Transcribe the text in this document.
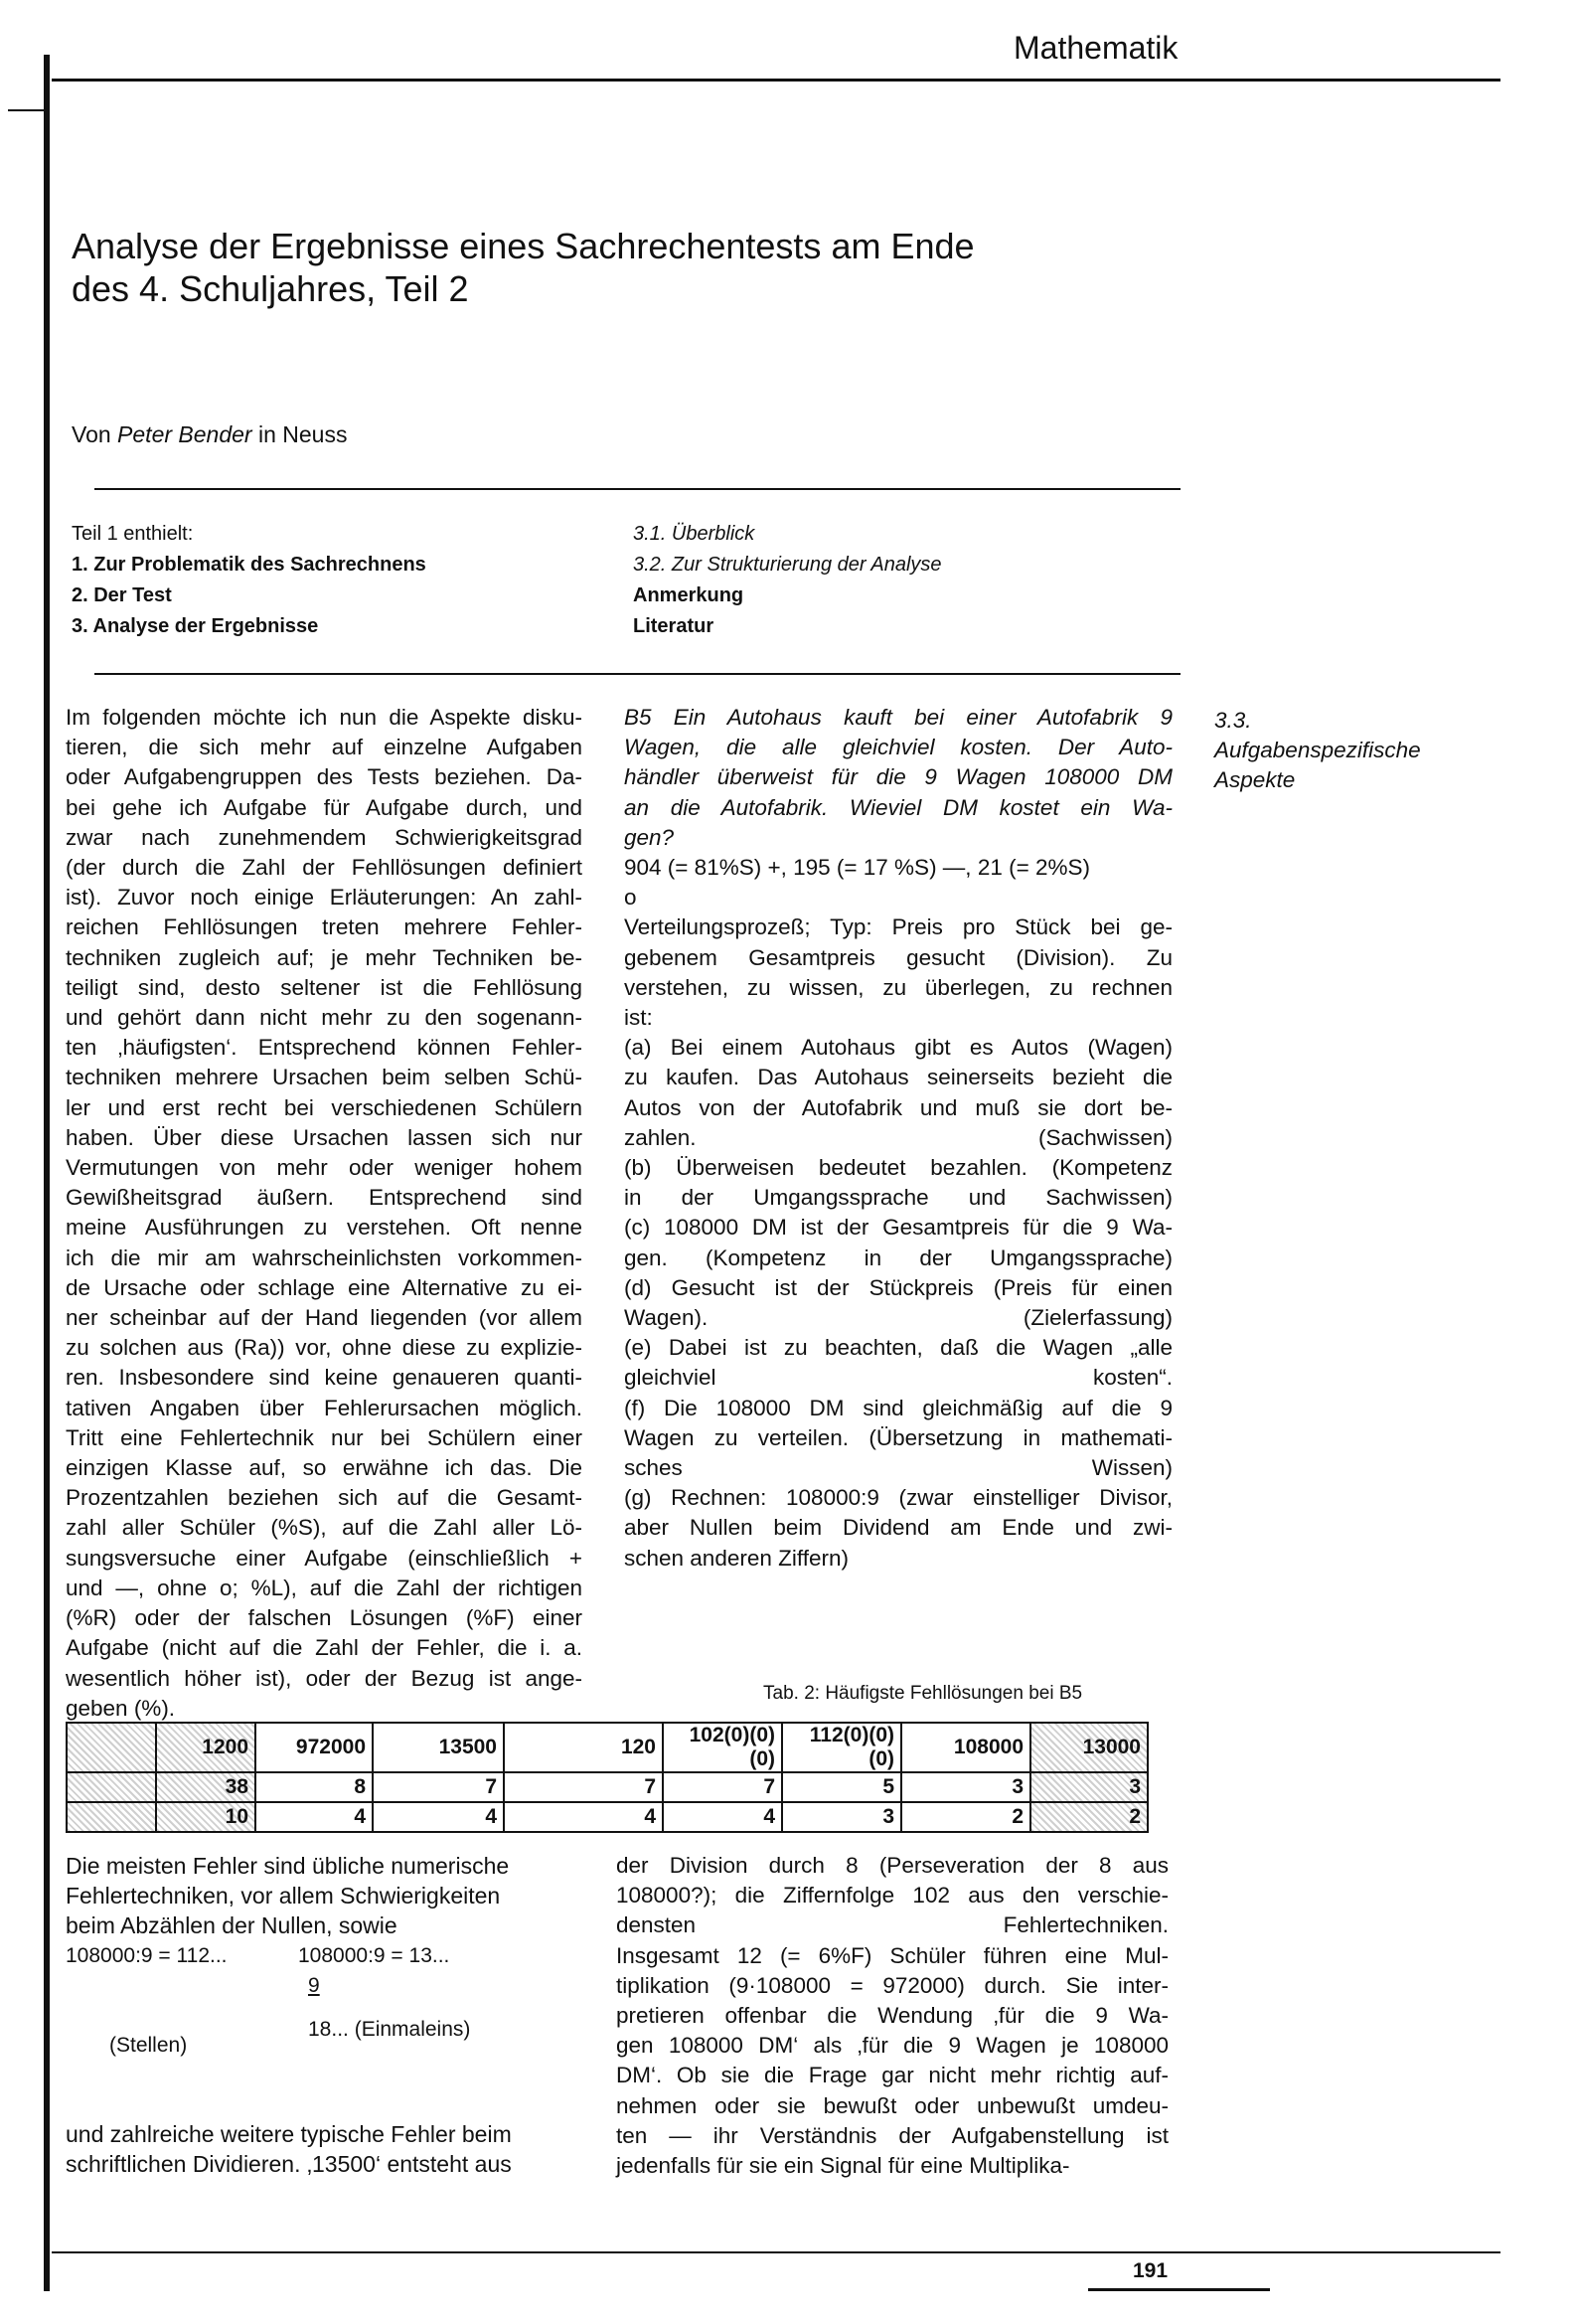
Mathematik
Analyse der Ergebnisse eines Sachrechentests am Ende
des 4. Schuljahres, Teil 2
Von Peter Bender in Neuss
Teil 1 enthielt:
1. Zur Problematik des Sachrechnens
2. Der Test
3. Analyse der Ergebnisse
3.1. Überblick
3.2. Zur Strukturierung der Analyse
Anmerkung
Literatur
3.3.
Aufgabenspezifische
Aspekte
Im folgenden möchte ich nun die Aspekte disku-
tieren, die sich mehr auf einzelne Aufgaben
oder Aufgabengruppen des Tests beziehen. Da-
bei gehe ich Aufgabe für Aufgabe durch, und
zwar nach zunehmendem Schwierigkeitsgrad
(der durch die Zahl der Fehllösungen definiert
ist). Zuvor noch einige Erläuterungen: An zahl-
reichen Fehllösungen treten mehrere Fehler-
techniken zugleich auf; je mehr Techniken be-
teiligt sind, desto seltener ist die Fehllösung
und gehört dann nicht mehr zu den sogenann-
ten ‚häufigsten‘. Entsprechend können Fehler-
techniken mehrere Ursachen beim selben Schü-
ler und erst recht bei verschiedenen Schülern
haben. Über diese Ursachen lassen sich nur
Vermutungen von mehr oder weniger hohem
Gewißheitsgrad äußern. Entsprechend sind
meine Ausführungen zu verstehen. Oft nenne
ich die mir am wahrscheinlichsten vorkommen-
de Ursache oder schlage eine Alternative zu ei-
ner scheinbar auf der Hand liegenden (vor allem
zu solchen aus (Ra)) vor, ohne diese zu explizie-
ren. Insbesondere sind keine genaueren quanti-
tativen Angaben über Fehlerursachen möglich.
Tritt eine Fehlertechnik nur bei Schülern einer
einzigen Klasse auf, so erwähne ich das. Die
Prozentzahlen beziehen sich auf die Gesamt-
zahl aller Schüler (%S), auf die Zahl aller Lö-
sungsversuche einer Aufgabe (einschließlich +
und —, ohne o; %L), auf die Zahl der richtigen
(%R) oder der falschen Lösungen (%F) einer
Aufgabe (nicht auf die Zahl der Fehler, die i. a.
wesentlich höher ist), oder der Bezug ist ange-
geben (%).
B5 Ein Autohaus kauft bei einer Autofabrik 9
Wagen, die alle gleichviel kosten. Der Auto-
händler überweist für die 9 Wagen 108000 DM
an die Autofabrik. Wieviel DM kostet ein Wa-
gen?
904 (= 81%S) +, 195 (= 17 %S) —, 21 (= 2%S)
o
Verteilungsprozeß; Typ: Preis pro Stück bei ge-
gebenem Gesamtpreis gesucht (Division). Zu
verstehen, zu wissen, zu überlegen, zu rechnen
ist:
(a) Bei einem Autohaus gibt es Autos (Wagen)
zu kaufen. Das Autohaus seinerseits bezieht die
Autos von der Autofabrik und muß sie dort be-
zahlen. (Sachwissen)
(b) Überweisen bedeutet bezahlen. (Kompetenz
in der Umgangssprache und Sachwissen)
(c) 108000 DM ist der Gesamtpreis für die 9 Wa-
gen. (Kompetenz in der Umgangssprache)
(d) Gesucht ist der Stückpreis (Preis für einen
Wagen). (Zielerfassung)
(e) Dabei ist zu beachten, daß die Wagen „alle
gleichviel kosten“.
(f) Die 108000 DM sind gleichmäßig auf die 9
Wagen zu verteilen. (Übersetzung in mathemati-
sches Wissen)
(g) Rechnen: 108000:9 (zwar einstelliger Divisor,
aber Nullen beim Dividend am Ende und zwi-
schen anderen Ziffern)
Tab. 2: Häufigste Fehllösungen bei B5
	1200	972000	13500	120	102(0)(0)(0)	112(0)(0)(0)	108000	13000
	38	8	7	7	7	5	3	3
	10	4	4	4	4	3	2	2
Die meisten Fehler sind übliche numerische
Fehlertechniken, vor allem Schwierigkeiten
beim Abzählen der Nullen, sowie
108000:9 = 112...	108000:9 = 13...
9
18... (Einmaleins)
(Stellen)
und zahlreiche weitere typische Fehler beim
schriftlichen Dividieren. ‚13500‘ entsteht aus
der Division durch 8 (Perseveration der 8 aus
108000?); die Ziffernfolge 102 aus den verschie-
densten Fehlertechniken.
Insgesamt 12 (= 6%F) Schüler führen eine Mul-
tiplikation (9·108000 = 972000) durch. Sie inter-
pretieren offenbar die Wendung ‚für die 9 Wa-
gen 108000 DM‘ als ‚für die 9 Wagen je 108000
DM‘. Ob sie die Frage gar nicht mehr richtig auf-
nehmen oder sie bewußt oder unbewußt umdeu-
ten — ihr Verständnis der Aufgabenstellung ist
jedenfalls für sie ein Signal für eine Multiplika-
191
